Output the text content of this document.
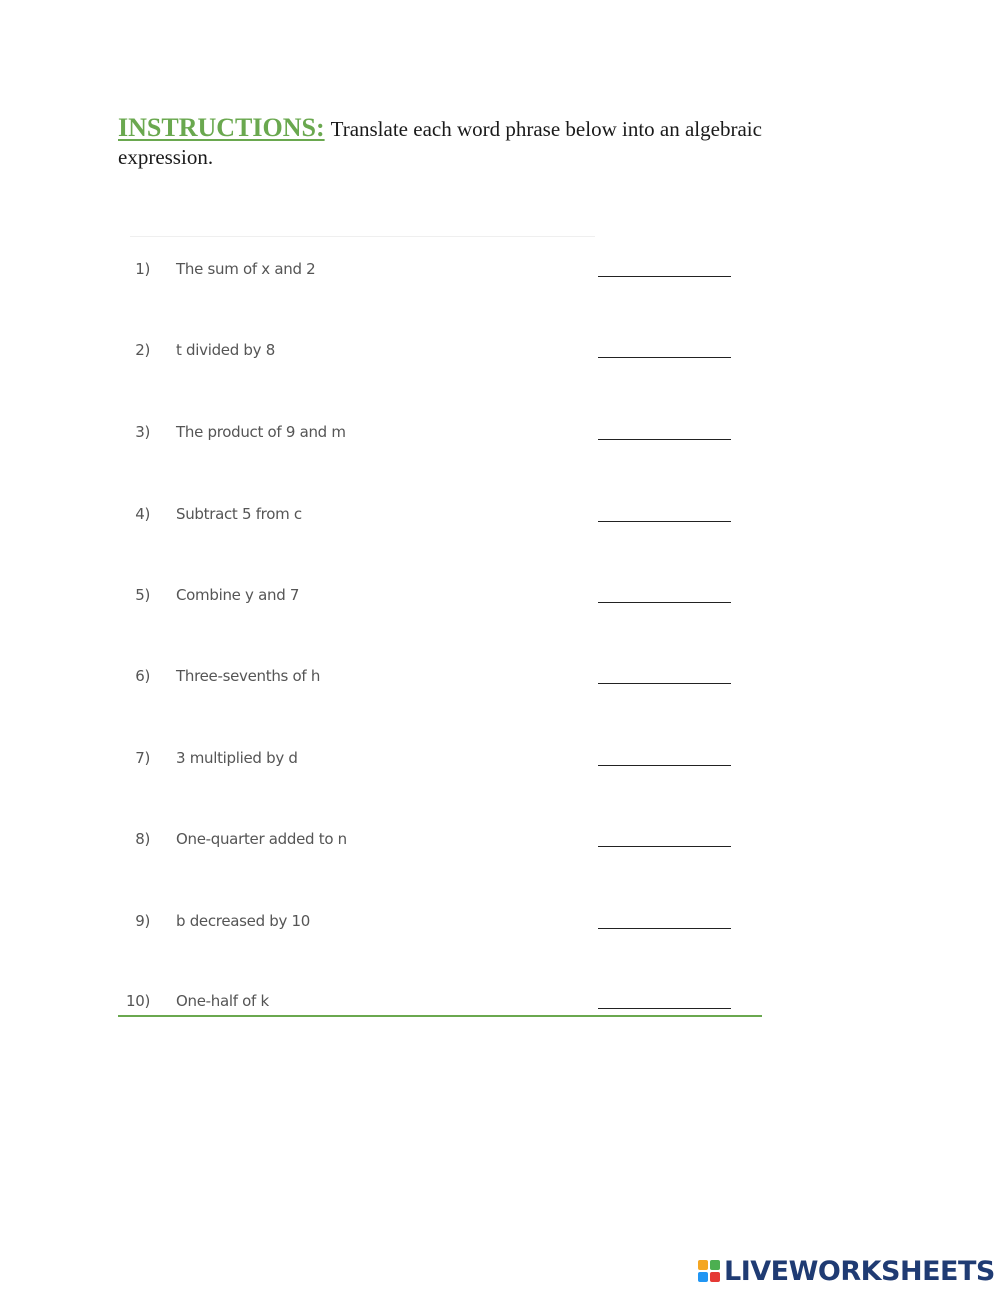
INSTRUCTIONS: Translate each word phrase below into an algebraic expression.
1) The sum of x and 2
2) t divided by 8
3) The product of 9 and m
4) Subtract 5 from c
5) Combine y and 7
6) Three-sevenths of h
7) 3 multiplied by d
8) One-quarter added to n
9) b decreased by 10
10) One-half of k
LIVEWORKSHEETS
